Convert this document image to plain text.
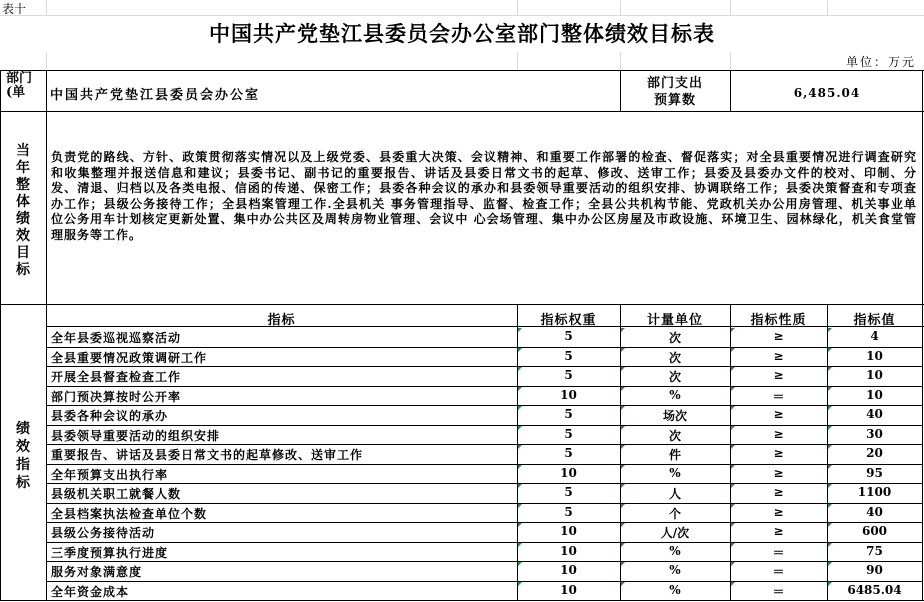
表十
中国共产党垫江县委员会办公室部门整体绩效目标表
单位：万元
部门(单	中国共产党垫江县委员会办公室
部门支出
预算数	6,485.04
当年整体绩效目标
负责党的路线、方针、政策贯彻落实情况以及上级党委、县委重大决策、会议精神、和重要工作部署的检查、督促落实；对全县重要情况进行调查研究和收集整理并报送信息和建议；县委书记、副书记的重要报告、讲话及县委日常文书的起草、修改、送审工作；县委及县委办文件的校对、印制、分发、清退、归档以及各类电报、信函的传递、保密工作；县委各种会议的承办和县委领导重要活动的组织安排、协调联络工作；县委决策督查和专项查办工作；县级公务接待工作；全县档案管理工作.全县机关 事务管理指导、监督、检查工作；全县公共机构节能、党政机关办公用房管理、机关事业单位公务用车计划核定更新处置、集中办公共区及周转房物业管理、会议中 心会场管理、集中办公区房屋及市政设施、环境卫生、园林绿化，机关食堂管理服务等工作。
绩效指标
指标	指标权重	计量单位	指标性质	指标值
全年县委巡视巡察活动	5	次	≥	4
全县重要情况政策调研工作	5	次	≥	10
开展全县督查检查工作	5	次	≥	10
部门预决算按时公开率	10	%	＝	10
县委各种会议的承办	5	场次	≥	40
县委领导重要活动的组织安排	5	次	≥	30
重要报告、讲话及县委日常文书的起草修改、送审工作	5	件	≥	20
全年预算支出执行率	10	%	≥	95
县级机关职工就餐人数	5	人	≥	1100
全县档案执法检查单位个数	5	个	≥	40
县级公务接待活动	10	人/次	≥	600
三季度预算执行进度	10	%	＝	75
服务对象满意度	10	%	＝	90
全年资金成本	10	%	＝	6485.04
